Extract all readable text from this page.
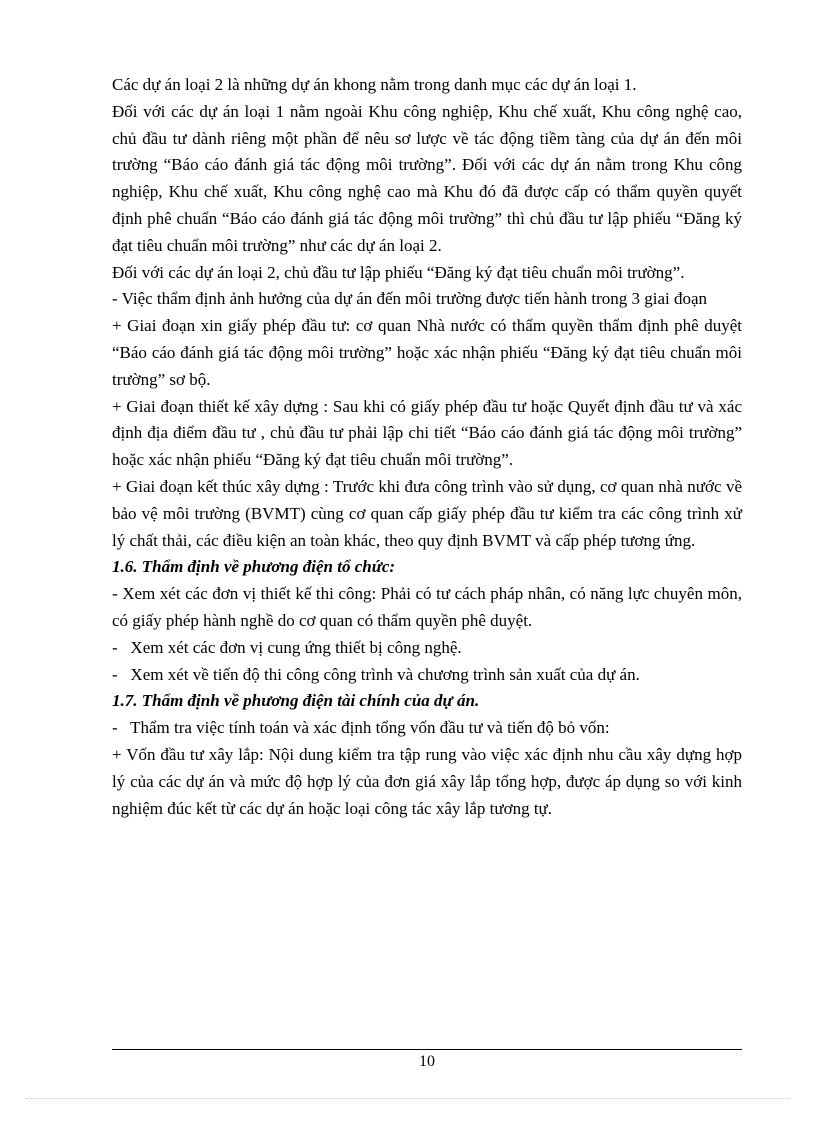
Các dự án loại 2 là những dự án khong nằm trong danh mục các dự án loại 1.

Đối với các dự án loại 1 nằm ngoài Khu công nghiệp, Khu chế xuất, Khu công nghệ cao, chủ đầu tư dành riêng một phần để nêu sơ lược về tác động tiềm tàng của dự án đến môi trường “Báo cáo đánh giá tác động môi trường”. Đối với các dự án nằm trong Khu công nghiệp, Khu chế xuất, Khu công nghệ cao mà Khu đó đã được cấp có thẩm quyền quyết định phê chuẩn “Báo cáo đánh giá tác động môi trường” thì chủ đầu tư lập phiếu “Đăng ký đạt tiêu chuẩn môi trường” như các dự án loại 2.

Đối với các dự án loại 2, chủ đầu tư lập phiếu “Đăng ký đạt tiêu chuẩn môi trường”.

- Việc thẩm định ảnh hưởng của dự án đến môi trường được tiến hành trong 3 giai đoạn

+ Giai đoạn xin giấy phép đầu tư: cơ quan Nhà nước có thẩm quyền thẩm định phê duyệt “Báo cáo đánh giá tác động môi trường” hoặc xác nhận phiếu “Đăng ký đạt tiêu chuẩn môi trường” sơ bộ.

+ Giai đoạn thiết kế xây dựng : Sau khi có giấy phép đầu tư hoặc Quyết định đầu tư và xác định địa điểm đầu tư , chủ đầu tư phải lập chi tiết “Báo cáo đánh giá tác động môi trường” hoặc xác nhận phiếu “Đăng ký đạt tiêu chuẩn môi trường”.

+ Giai đoạn kết thúc xây dựng : Trước khi đưa công trình vào sử dụng, cơ quan nhà nước về bảo vệ môi trường (BVMT) cùng cơ quan cấp giấy phép đầu tư kiểm tra các công trình xử lý chất thải, các điều kiện an toàn khác, theo quy định BVMT và cấp phép tương ứng.

1.6. Thẩm định về phương điện tổ chức:

- Xem xét các đơn vị thiết kế thi công: Phải có tư cách pháp nhân, có năng lực chuyên môn, có giấy phép hành nghề do cơ quan có thẩm quyền phê duyệt.

-   Xem xét các đơn vị cung ứng thiết bị công nghệ.

-   Xem xét về tiến độ thi công công trình và chương trình sản xuất của dự án.

1.7. Thẩm định về phương điện tài chính của dự án.

-   Thẩm tra việc tính toán và xác định tổng vốn đầu tư và tiến độ bỏ vốn:

+ Vốn đầu tư xây lắp: Nội dung kiểm tra tập rung vào việc xác định nhu cầu xây dựng hợp lý của các dự án và mức độ hợp lý của đơn giá xây lắp tổng hợp, được áp dụng so với kinh nghiệm đúc kết từ các dự án hoặc loại công tác xây lắp tương tự.

10
